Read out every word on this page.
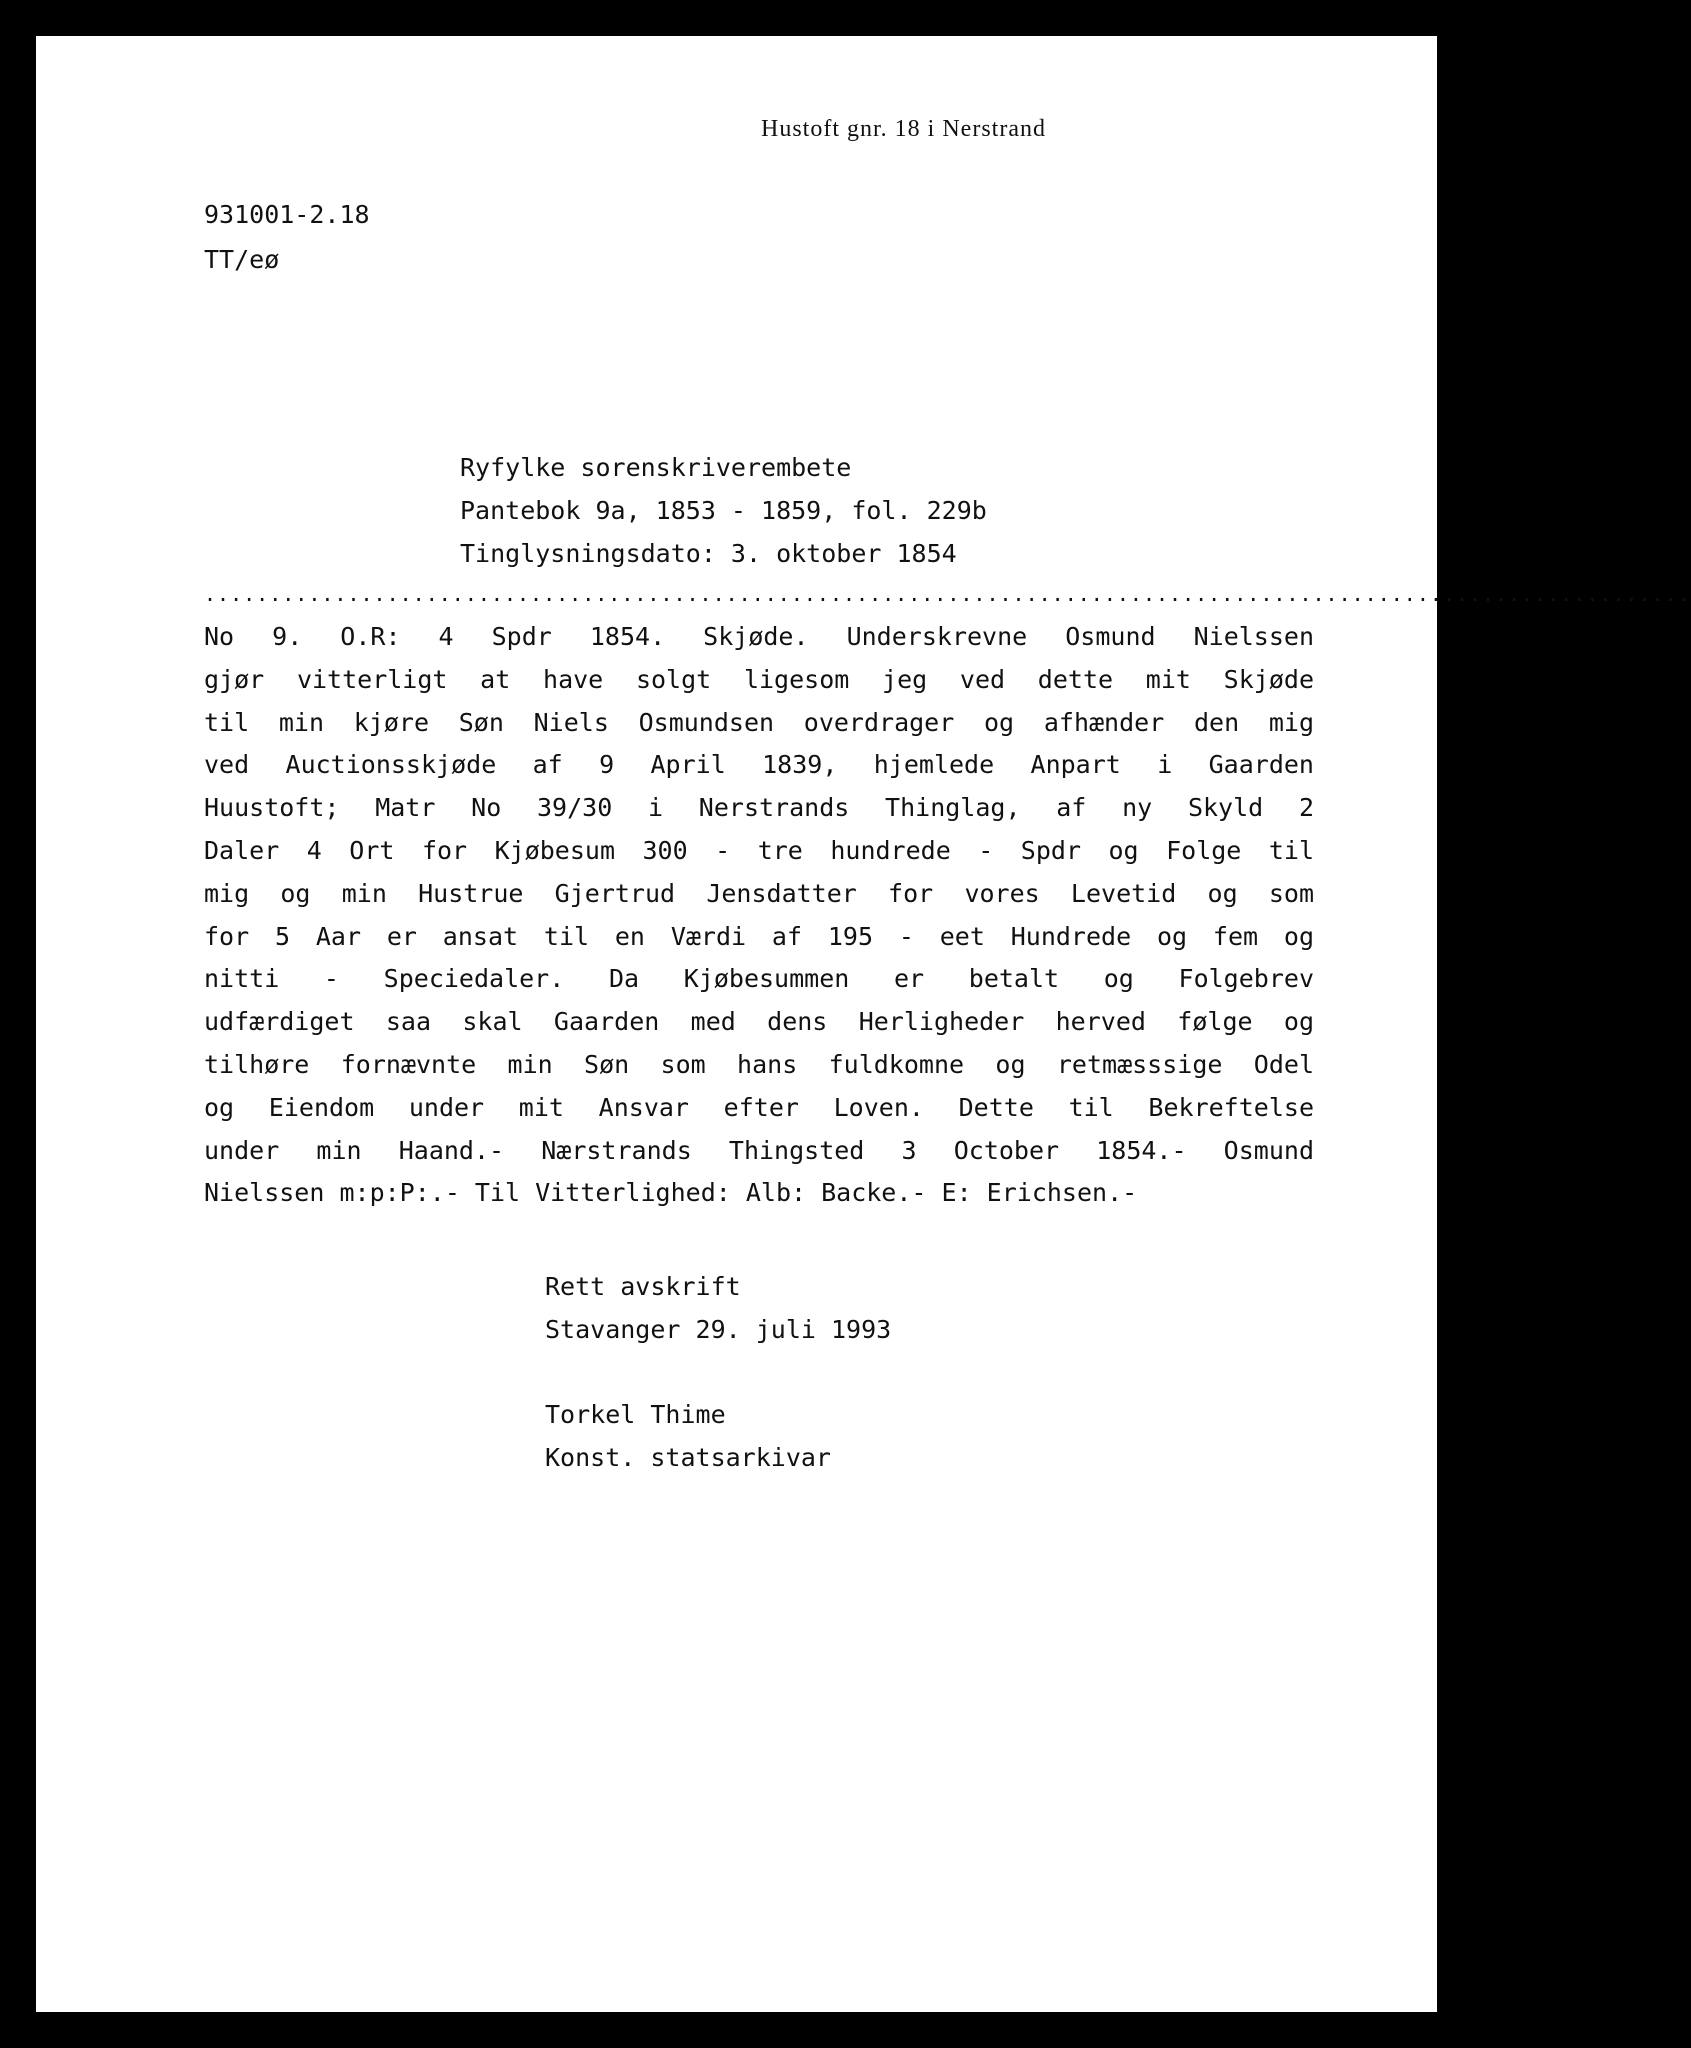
Hustoft gnr. 18 i Nerstrand
931001-2.18
TT/eø
Ryfylke sorenskriverembete
Pantebok 9a, 1853 - 1859, fol. 229b
Tinglysningsdato: 3. oktober 1854
..................................................................................................................
No 9. O.R: 4 Spdr 1854. Skjøde. Underskrevne Osmund Nielssen
gjør vitterligt at have solgt ligesom jeg ved dette mit Skjøde
til min kjøre Søn Niels Osmundsen overdrager og afhænder den mig
ved Auctionsskjøde af 9 April 1839, hjemlede Anpart i Gaarden
Huustoft; Matr No 39/30 i Nerstrands Thinglag, af ny Skyld 2
Daler 4 Ort for Kjøbesum 300 - tre hundrede - Spdr og Folge til
mig og min Hustrue Gjertrud Jensdatter for vores Levetid og som
for 5 Aar er ansat til en Værdi af 195 - eet Hundrede og fem og
nitti - Speciedaler. Da Kjøbesummen er betalt og Folgebrev
udfærdiget saa skal Gaarden med dens Herligheder herved følge og
tilhøre fornævnte min Søn som hans fuldkomne og retmæsssige Odel
og Eiendom under mit Ansvar efter Loven. Dette til Bekreftelse
under min Haand.- Nærstrands Thingsted 3 October 1854.- Osmund
Nielssen m:p:P:.- Til Vitterlighed: Alb: Backe.- E: Erichsen.-
Rett avskrift
Stavanger 29. juli 1993
Torkel Thime
Konst. statsarkivar
